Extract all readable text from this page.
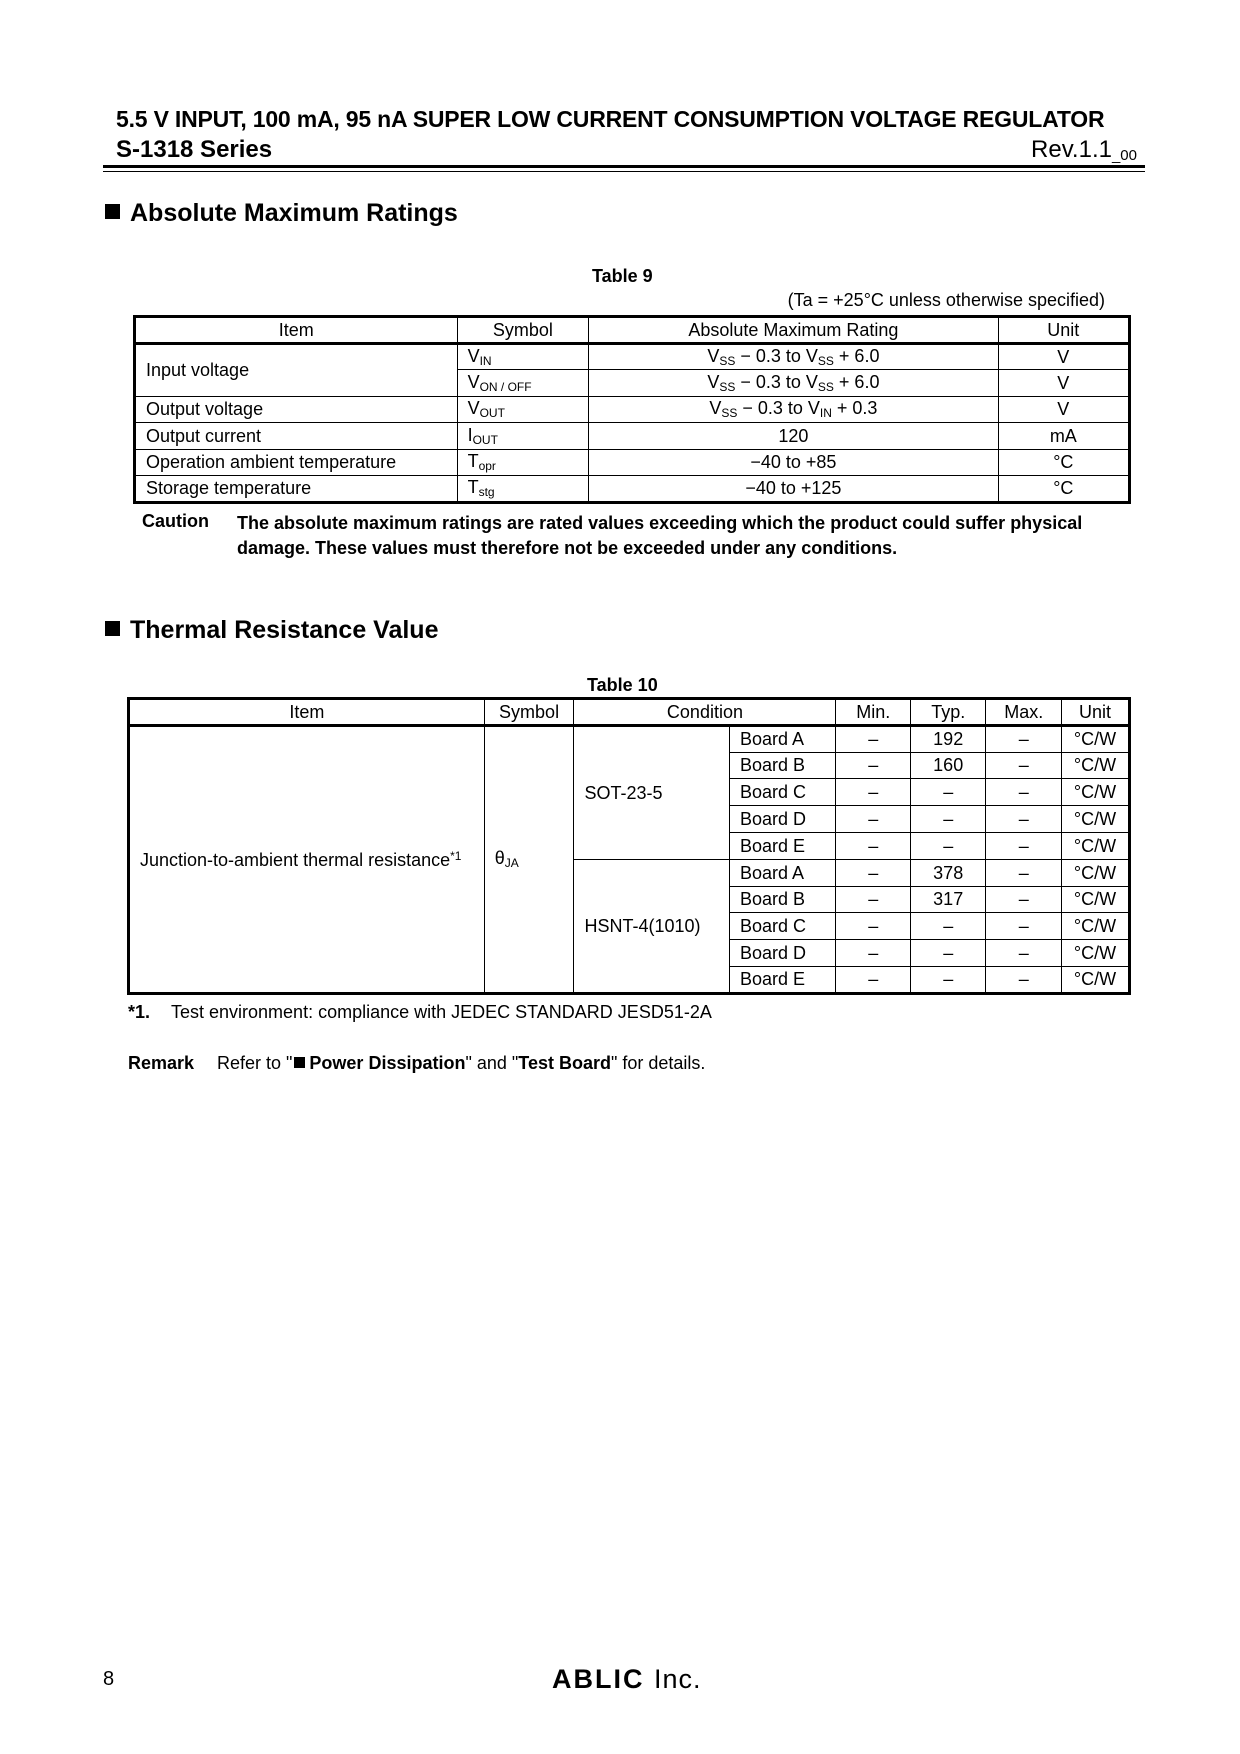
5.5 V INPUT, 100 mA, 95 nA SUPER LOW CURRENT CONSUMPTION VOLTAGE REGULATOR
S-1318 Series	$Rev.1.1_{\_00}$
Absolute Maximum Ratings
Table 9
(Ta = +25°C unless otherwise specified)
Item	Symbol	Absolute Maximum Rating	Unit
Input voltage	$V_{IN}$	$V_{SS} - 0.3$ to $V_{SS} + 6.0$	V
	$V_{ON / OFF}$	$V_{SS} - 0.3$ to $V_{SS} + 6.0$	V
Output voltage	$V_{OUT}$	$V_{SS} - 0.3$ to $V_{IN} + 0.3$	V
Output current	$I_{OUT}$	120	mA
Operation ambient temperature	$T_{opr}$	−40 to +85	°C
Storage temperature	$T_{stg}$	−40 to +125	°C
Caution The absolute maximum ratings are rated values exceeding which the product could suffer physical damage. These values must therefore not be exceeded under any conditions.
Thermal Resistance Value
Table 10
Item	Symbol	Condition		Min.	Typ.	Max.	Unit
Junction-to-ambient thermal resistance$^{*1}$	$\theta_{JA}$	SOT-23-5	Board A	–	192	–	°C/W
			Board B	–	160	–	°C/W
			Board C	–	–	–	°C/W
			Board D	–	–	–	°C/W
			Board E	–	–	–	°C/W
		HSNT-4(1010)	Board A	–	378	–	°C/W
			Board B	–	317	–	°C/W
			Board C	–	–	–	°C/W
			Board D	–	–	–	°C/W
			Board E	–	–	–	°C/W
*1. Test environment: compliance with JEDEC STANDARD JESD51-2A
Remark Refer to " Power Dissipation" and "Test Board" for details.
8	ABLIC Inc.
